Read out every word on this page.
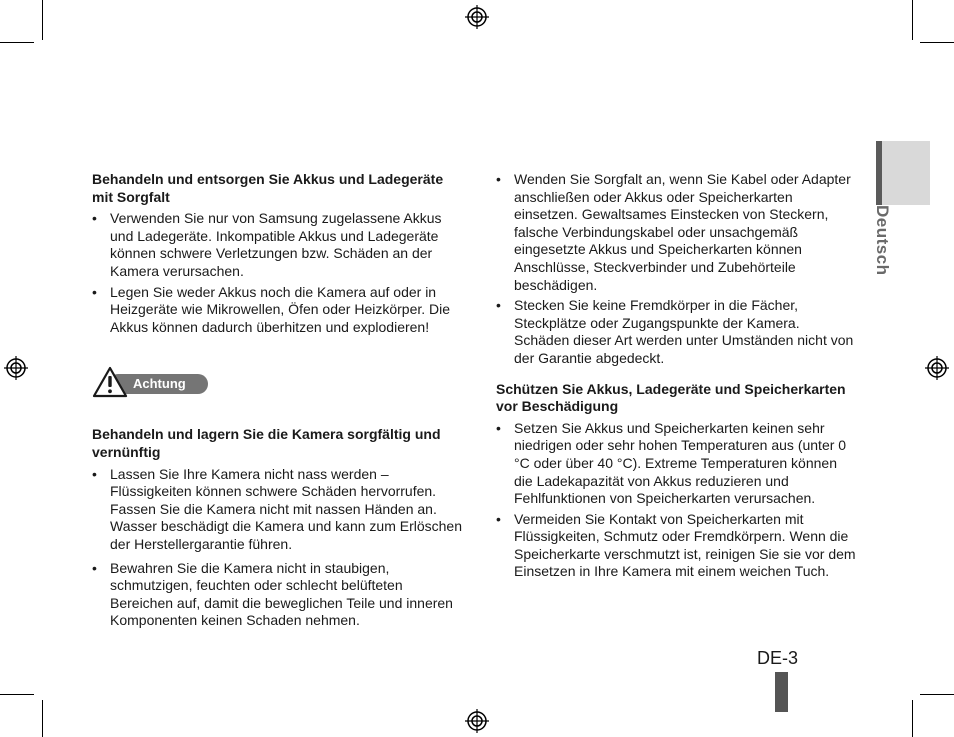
Deutsch

Behandeln und entsorgen Sie Akkus und Ladegeräte mit Sorgfalt

• Verwenden Sie nur von Samsung zugelassene Akkus und Ladegeräte. Inkompatible Akkus und Ladegeräte können schwere Verletzungen bzw. Schäden an der Kamera verursachen.
• Legen Sie weder Akkus noch die Kamera auf oder in Heizgeräte wie Mikrowellen, Öfen oder Heizkörper. Die Akkus können dadurch überhitzen und explodieren!
Achtung

Behandeln und lagern Sie die Kamera sorgfältig und vernünftig

• Lassen Sie Ihre Kamera nicht nass werden – Flüssigkeiten können schwere Schäden hervorrufen. Fassen Sie die Kamera nicht mit nassen Händen an. Wasser beschädigt die Kamera und kann zum Erlöschen der Herstellergarantie führen.
• Bewahren Sie die Kamera nicht in staubigen, schmutzigen, feuchten oder schlecht belüfteten Bereichen auf, damit die beweglichen Teile und inneren Komponenten keinen Schaden nehmen.
• Wenden Sie Sorgfalt an, wenn Sie Kabel oder Adapter anschließen oder Akkus oder Speicherkarten einsetzen. Gewaltsames Einstecken von Steckern, falsche Verbindungskabel oder unsachgemäß eingesetzte Akkus und Speicherkarten können Anschlüsse, Steckverbinder und Zubehörteile beschädigen.
• Stecken Sie keine Fremdkörper in die Fächer, Steckplätze oder Zugangspunkte der Kamera. Schäden dieser Art werden unter Umständen nicht von der Garantie abgedeckt.

Schützen Sie Akkus, Ladegeräte und Speicherkarten vor Beschädigung

• Setzen Sie Akkus und Speicherkarten keinen sehr niedrigen oder sehr hohen Temperaturen aus (unter 0 °C oder über 40 °C). Extreme Temperaturen können die Ladekapazität von Akkus reduzieren und Fehlfunktionen von Speicherkarten verursachen.
• Vermeiden Sie Kontakt von Speicherkarten mit Flüssigkeiten, Schmutz oder Fremdkörpern. Wenn die Speicherkarte verschmutzt ist, reinigen Sie sie vor dem Einsetzen in Ihre Kamera mit einem weichen Tuch.
DE-3
